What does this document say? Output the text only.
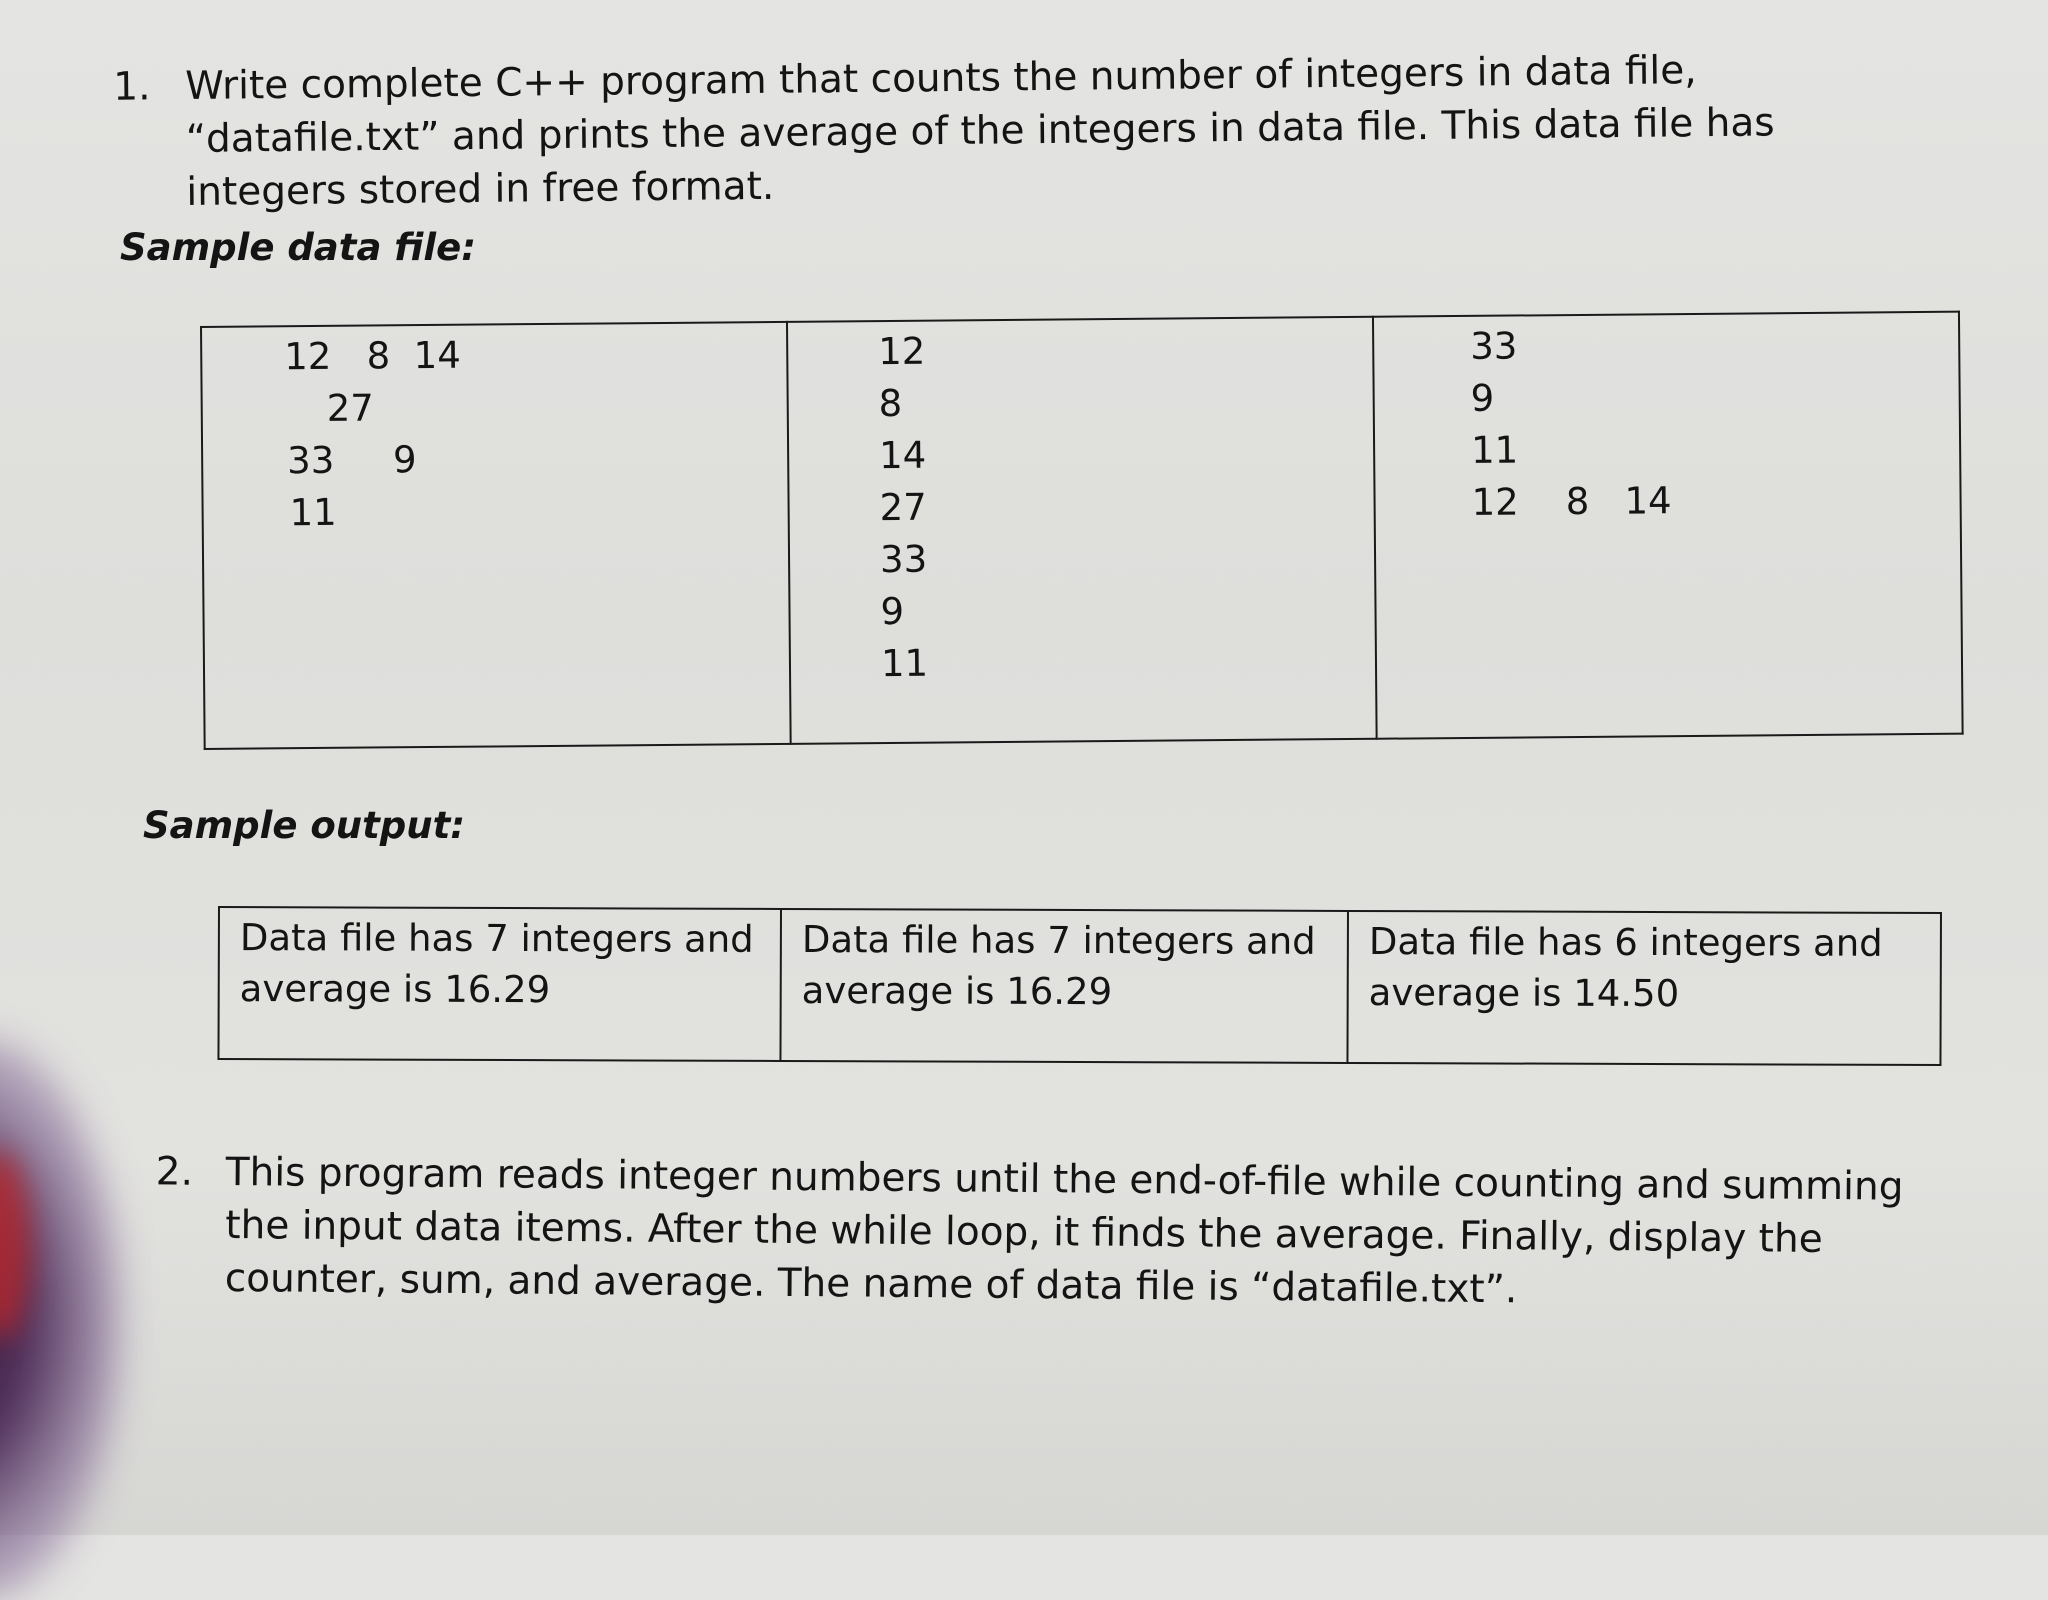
1. Write complete C++ program that counts the number of integers in data file, “datafile.txt” and prints the average of the integers in data file. This data file has integers stored in free format.
Sample data file:
12   8  14
27
33     9
11

12
8
14
27
33
9
11

33
9
11
12    8   14
Sample output:
Data file has 7 integers and average is 16.29

Data file has 7 integers and average is 16.29

Data file has 6 integers and average is 14.50
2. This program reads integer numbers until the end-of-file while counting and summing the input data items. After the while loop, it finds the average. Finally, display the counter, sum, and average. The name of data file is “datafile.txt”.
